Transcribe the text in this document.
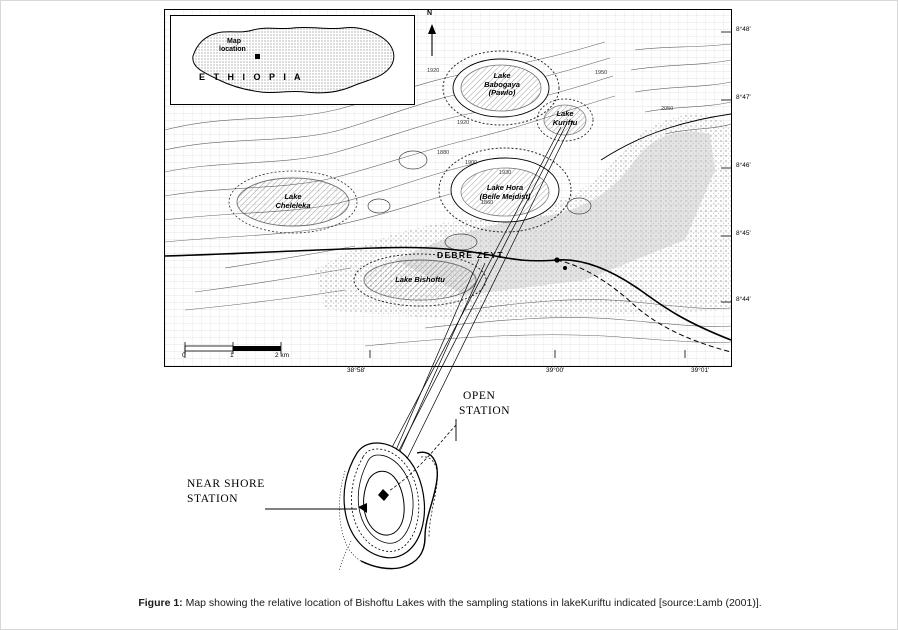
Map
location
E T H I O P I A
N
Lake
Babogaya
(Pawlo)
Lake
Kuriftu
Lake Hora
(Belle Mejdist)
Lake
Cheleleka
Lake Bishoftu
DEBRE ZEYT
1920
1880
1930
1860
1900
1950
2050
1920
0	1	2 km
8°48'
8°47'
8°46'
8°45'
8°44'
38°58'	39°00'	39°01'
OPEN
STATION
NEAR SHORE
STATION
Figure 1: Map showing the relative location of Bishoftu Lakes with the sampling stations in lakeKuriftu indicated [source:Lamb (2001)].
